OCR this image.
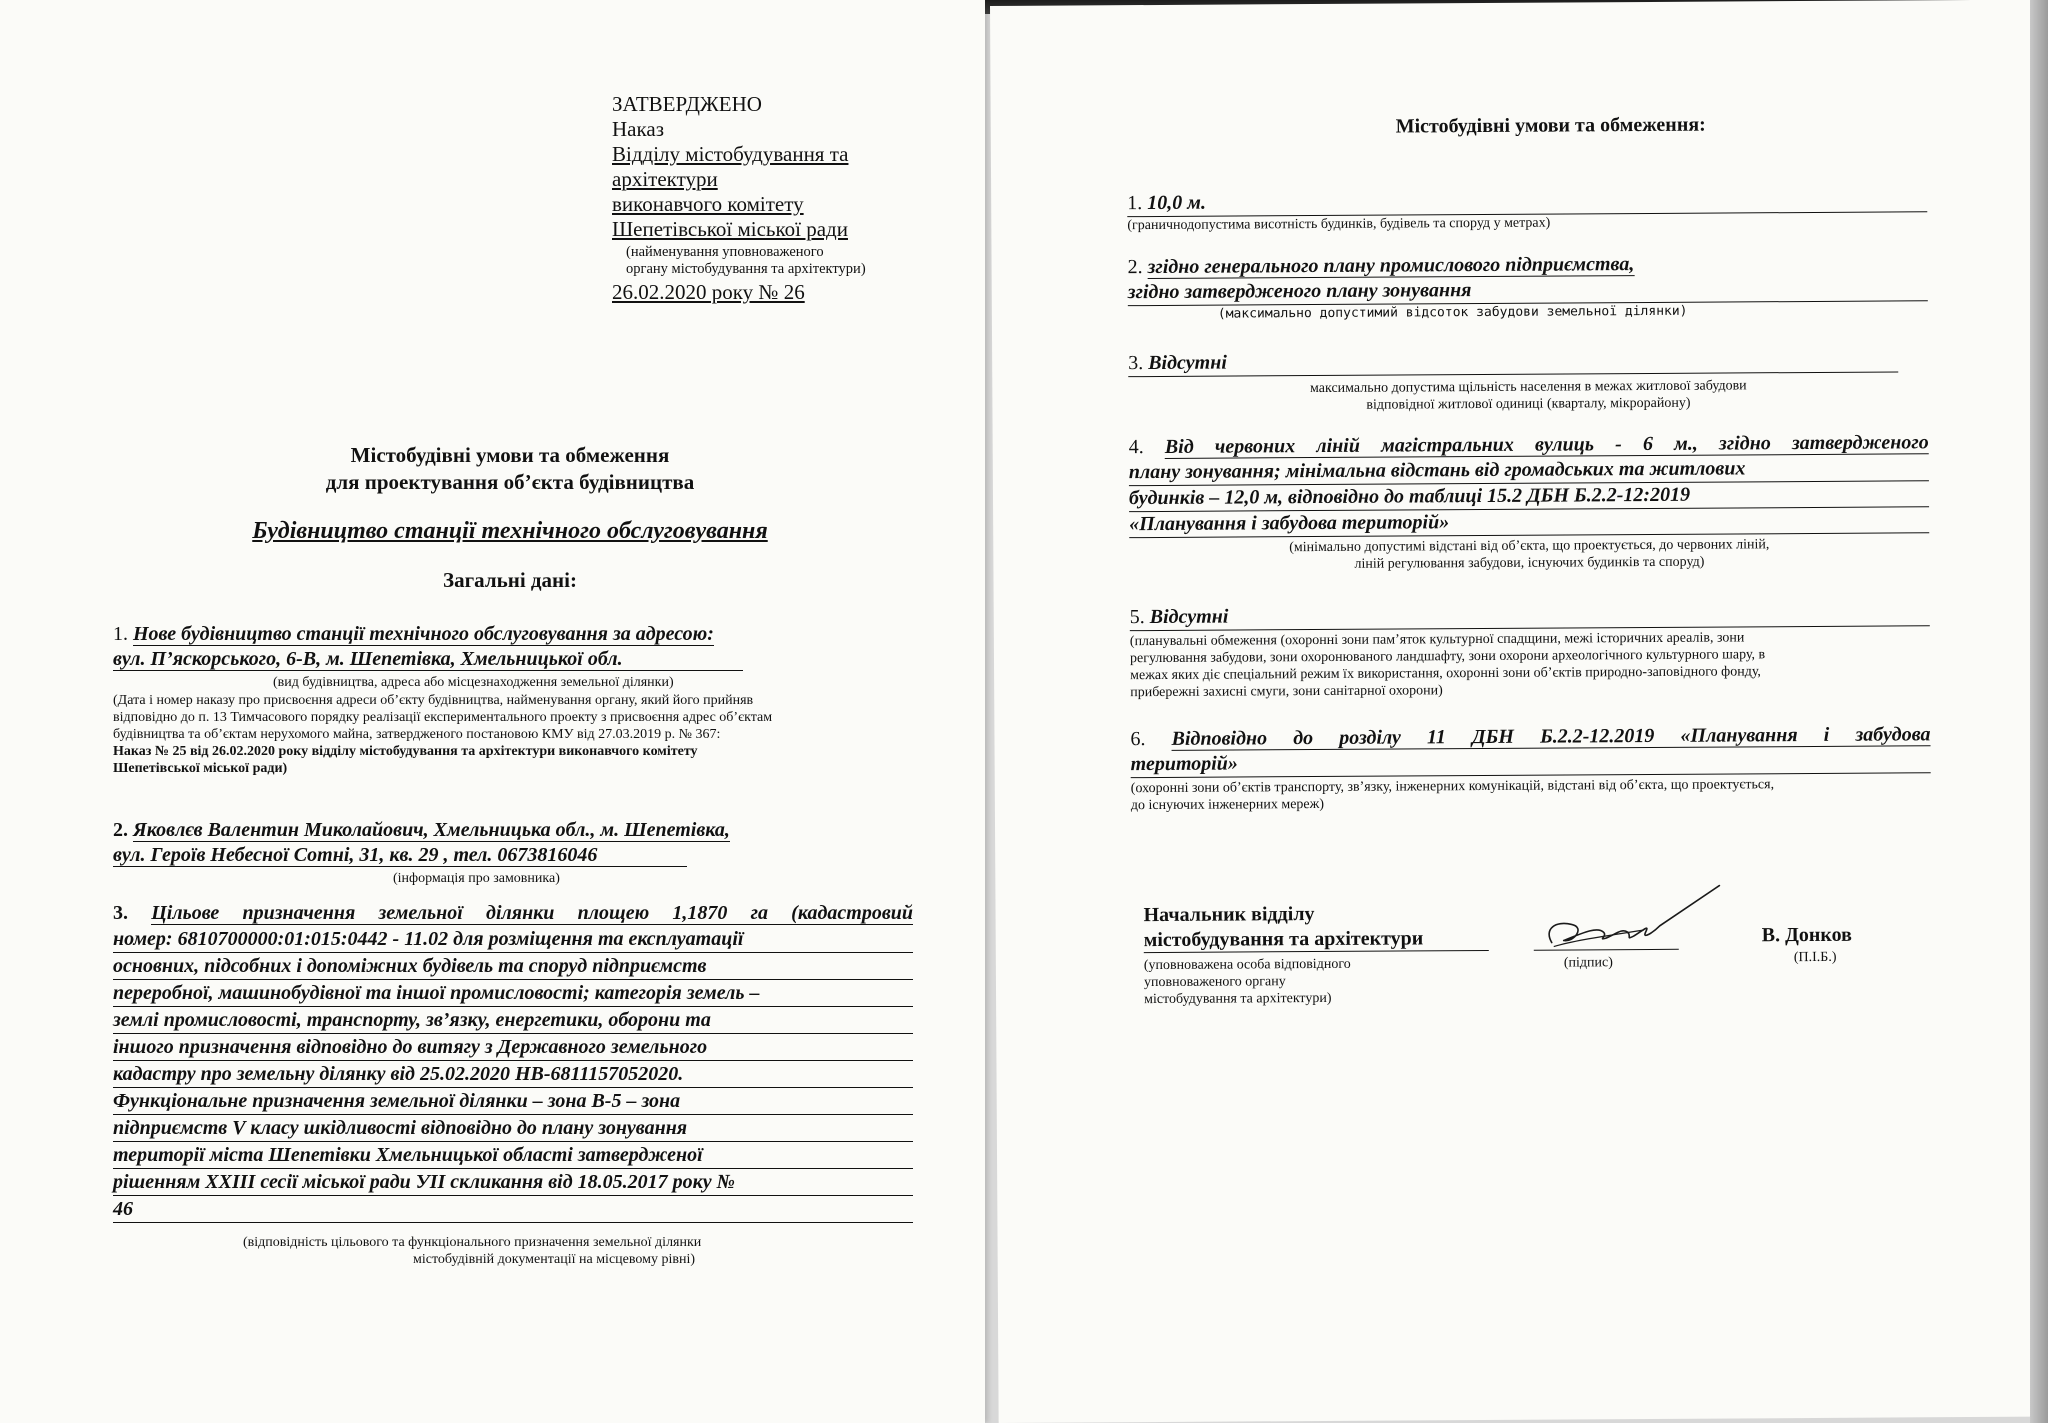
ЗАТВЕРДЖЕНО
Наказ
Відділу містобудування та
архітектури
виконавчого комітету
Шепетівської міської ради
(найменування уповноваженого
органу містобудування та архітектури)
26.02.2020 року № 26
Містобудівні умови та обмеження
для проектування об’єкта будівництва
Будівництво станції технічного обслуговування
Загальні дані:
1. Нове будівництво станції технічного обслуговування за адресою:
вул. П’яскорського, 6-В, м. Шепетівка, Хмельницької обл.
(вид будівництва, адреса або місцезнаходження земельної ділянки)
(Дата і номер наказу про присвоєння адреси об’єкту будівництва, найменування органу, який його прийняв
відповідно до п. 13 Тимчасового порядку реалізації експериментального проекту з присвоєння адрес об’єктам
будівництва та об’єктам нерухомого майна, затвердженого постановою КМУ від 27.03.2019 р. № 367:
Наказ № 25 від 26.02.2020 року відділу містобудування та архітектури виконавчого комітету
Шепетівської міської ради)
2. Яковлєв Валентин Миколайович, Хмельницька обл., м. Шепетівка,
вул. Героїв Небесної Сотні, 31, кв. 29 , тел. 0673816046
(інформація про замовника)
3. Цільове призначення земельної ділянки площею 1,1870 га (кадастровий
номер: 6810700000:01:015:0442 - 11.02 для розміщення та експлуатації
основних, підсобних і допоміжних будівель та споруд підприємств
переробної, машинобудівної та іншої промисловості; категорія земель –
землі промисловості, транспорту, зв’язку, енергетики, оборони та
іншого призначення відповідно до витягу з Державного земельного
кадастру про земельну ділянку від 25.02.2020 НВ-6811157052020.
Функціональне призначення земельної ділянки – зона В-5 – зона
підприємств V класу шкідливості відповідно до плану зонування
території міста Шепетівки Хмельницької області затвердженої
рішенням ХХІІІ сесії міської ради УІІ скликання від 18.05.2017 року №
46
(відповідність цільового та функціонального призначення земельної ділянки
містобудівній документації на місцевому рівні)
Містобудівні умови та обмеження:
1. 10,0 м.
(граничнодопустима висотність будинків, будівель та споруд у метрах)
2. згідно генерального плану промислового підприємства,
згідно затвердженого плану зонування
(максимально допустимий відсоток забудови земельної ділянки)
3. Відсутні
максимально допустима щільність населення в межах житлової забудови
відповідної житлової одиниці (кварталу, мікрорайону)
4. Від червоних ліній магістральних вулиць - 6 м., згідно затвердженого
плану зонування; мінімальна відстань від громадських та житлових
будинків – 12,0 м, відповідно до таблиці 15.2 ДБН Б.2.2-12:2019
«Планування і забудова територій»
(мінімально допустимі відстані від об’єкта, що проектується, до червоних ліній,
ліній регулювання забудови, існуючих будинків та споруд)
5. Відсутні
(планувальні обмеження (охоронні зони пам’яток культурної спадщини, межі історичних ареалів, зони
регулювання забудови, зони охоронюваного ландшафту, зони охорони археологічного культурного шару, в
межах яких діє спеціальний режим їх використання, охоронні зони об’єктів природно-заповідного фонду,
прибережні захисні смуги, зони санітарної охорони)
6. Відповідно до розділу 11 ДБН Б.2.2-12.2019 «Планування і забудова
територій»
(охоронні зони об’єктів транспорту, зв’язку, інженерних комунікацій, відстані від об’єкта, що проектується,
до існуючих інженерних мереж)
Начальник відділу
містобудування та архітектури
(уповноважена особа відповідного
уповноваженого органу
містобудування та архітектури)
(підпис)
В. Донков
(П.І.Б.)
